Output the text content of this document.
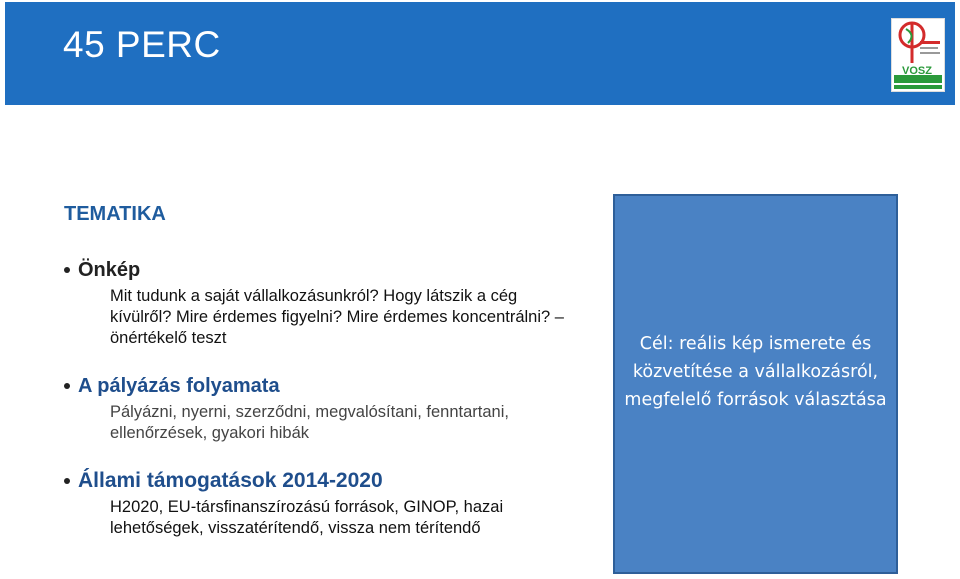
45 PERC
VOSZ
TEMATIKA
Önkép
Mit tudunk a saját vállalkozásunkról? Hogy látszik a cég kívülről? Mire érdemes figyelni? Mire érdemes koncentrálni? – önértékelő teszt
A pályázás folyamata
Pályázni, nyerni, szerződni, megvalósítani, fenntartani, ellenőrzések, gyakori hibák
Állami támogatások 2014-2020
H2020, EU-társfinanszírozású források, GINOP, hazai lehetőségek, visszatérítendő, vissza nem térítendő
Cél: reális kép ismerete és közvetítése a vállalkozásról, megfelelő források választása
